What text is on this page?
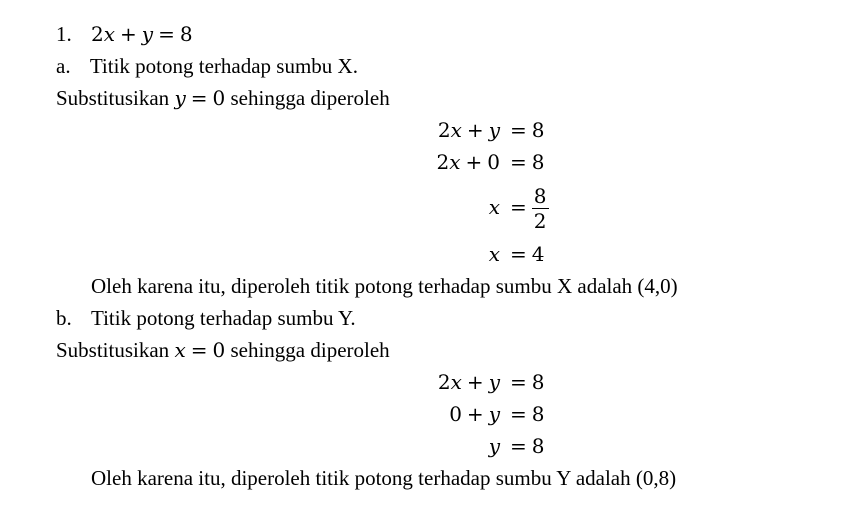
1. 2x + y = 8
a. Titik potong terhadap sumbu X.
Substitusikan y = 0 sehingga diperoleh
2x + y = 8
2x + 0 = 8
$x = \frac{8}{2}$
x = 4
Oleh karena itu, diperoleh titik potong terhadap sumbu X adalah (4,0)
b. Titik potong terhadap sumbu Y.
Substitusikan x = 0 sehingga diperoleh
2x + y = 8
0 + y = 8
y = 8
Oleh karena itu, diperoleh titik potong terhadap sumbu Y adalah (0,8)
